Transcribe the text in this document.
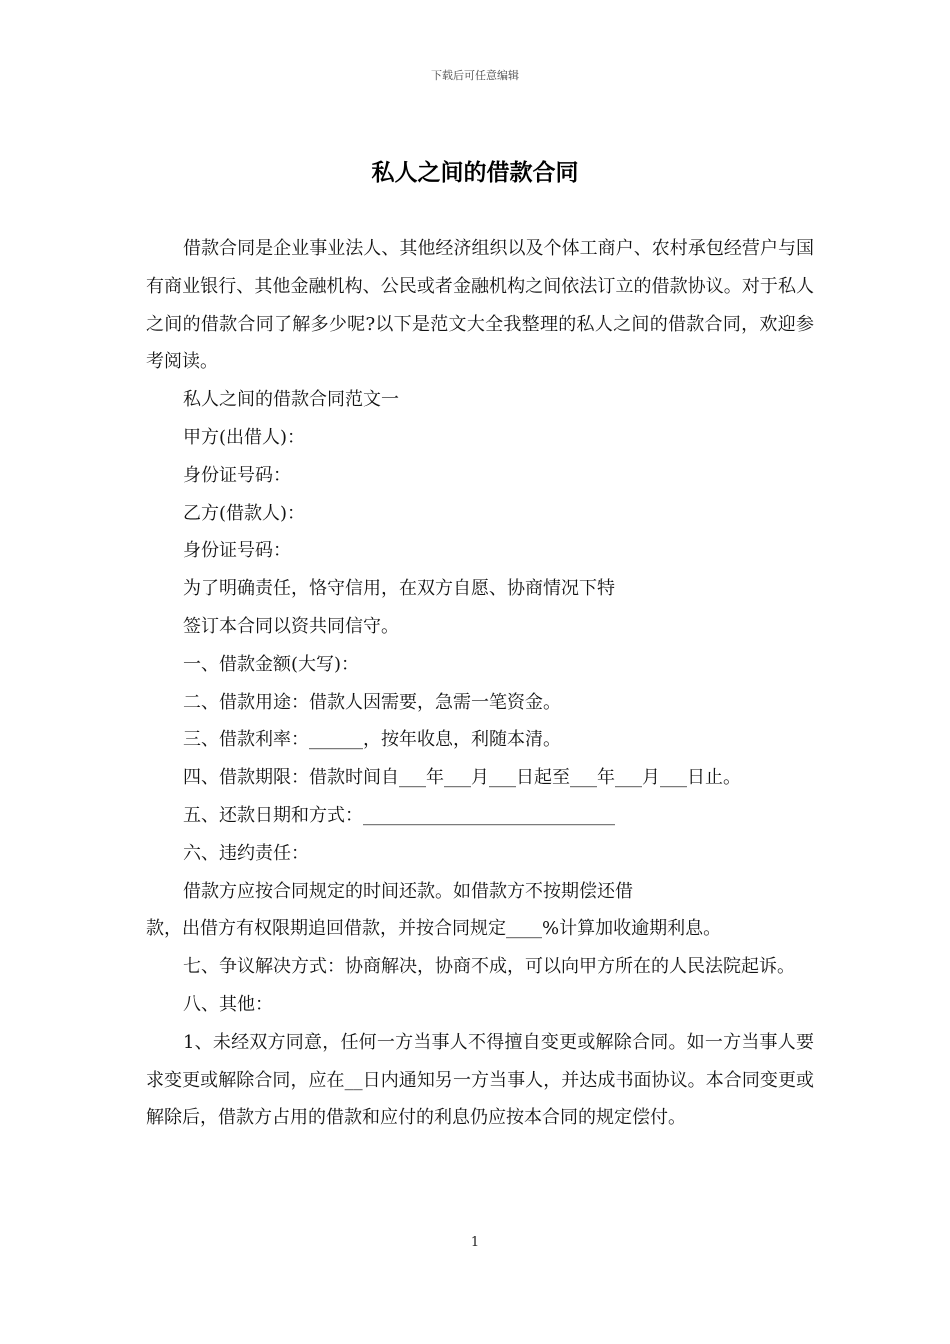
下载后可任意编辑
私人之间的借款合同

借款合同是企业事业法人、其他经济组织以及个体工商户、农村承包经营户与国有商业银行、其他金融机构、公民或者金融机构之间依法订立的借款协议。对于私人之间的借款合同了解多少呢?以下是范文大全我整理的私人之间的借款合同，欢迎参考阅读。

私人之间的借款合同范文一

甲方(出借人)：

身份证号码：

乙方(借款人)：

身份证号码：

为了明确责任，恪守信用，在双方自愿、协商情况下特

签订本合同以资共同信守。

一、借款金额(大写)：

二、借款用途：借款人因需要，急需一笔资金。

三、借款利率：______，按年收息，利随本清。

四、借款期限：借款时间自___年___月___日起至___年___月___日止。

五、还款日期和方式：____________________________

六、违约责任：

借款方应按合同规定的时间还款。如借款方不按期偿还借

款，出借方有权限期追回借款，并按合同规定____%计算加收逾期利息。

七、争议解决方式：协商解决，协商不成，可以向甲方所在的人民法院起诉。

八、其他：

1、未经双方同意，任何一方当事人不得擅自变更或解除合同。如一方当事人要求变更或解除合同，应在__日内通知另一方当事人，并达成书面协议。本合同变更或解除后，借款方占用的借款和应付的利息仍应按本合同的规定偿付。

1
